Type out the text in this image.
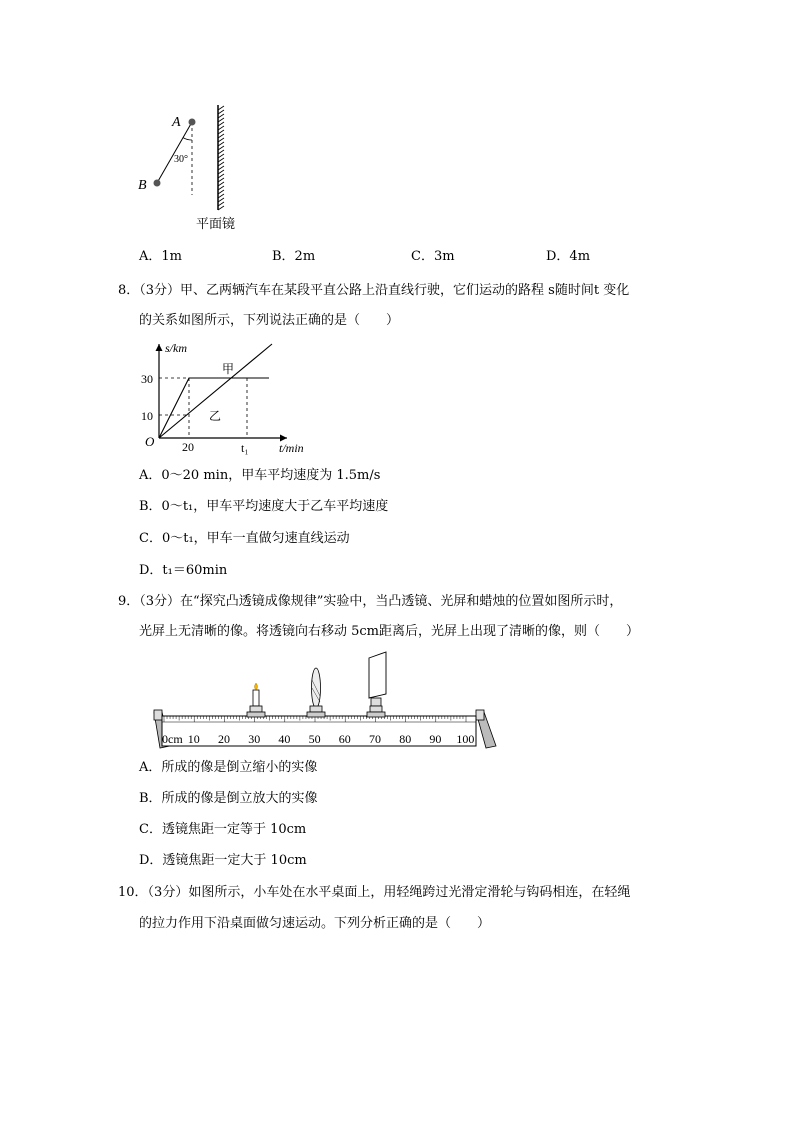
A
B
30°
平面镜
A．1m	B．2m	C．3m	D．4m
8．（3分）甲、乙两辆汽车在某段平直公路上沿直线行驶，它们运动的路程 s随时间t 变化
的关系如图所示，下列说法正确的是（　　）
s/km
t/min
O
30
10
20	t₁
甲
乙
A．0～20 min，甲车平均速度为 1.5m/s
B．0～t₁，甲车平均速度大于乙车平均速度
C．0～t₁，甲车一直做匀速直线运动
D．t₁＝60min
9．（3分）在“探究凸透镜成像规律”实验中，当凸透镜、光屏和蜡烛的位置如图所示时，
光屏上无清晰的像。将透镜向右移动 5cm距离后，光屏上出现了清晰的像，则（　　）
0cm 10 20 30 40 50 60 70 80 90 100
A．所成的像是倒立缩小的实像
B．所成的像是倒立放大的实像
C．透镜焦距一定等于 10cm
D．透镜焦距一定大于 10cm
10．（3分）如图所示，小车处在水平桌面上，用轻绳跨过光滑定滑轮与钩码相连，在轻绳
的拉力作用下沿桌面做匀速运动。下列分析正确的是（　　）
